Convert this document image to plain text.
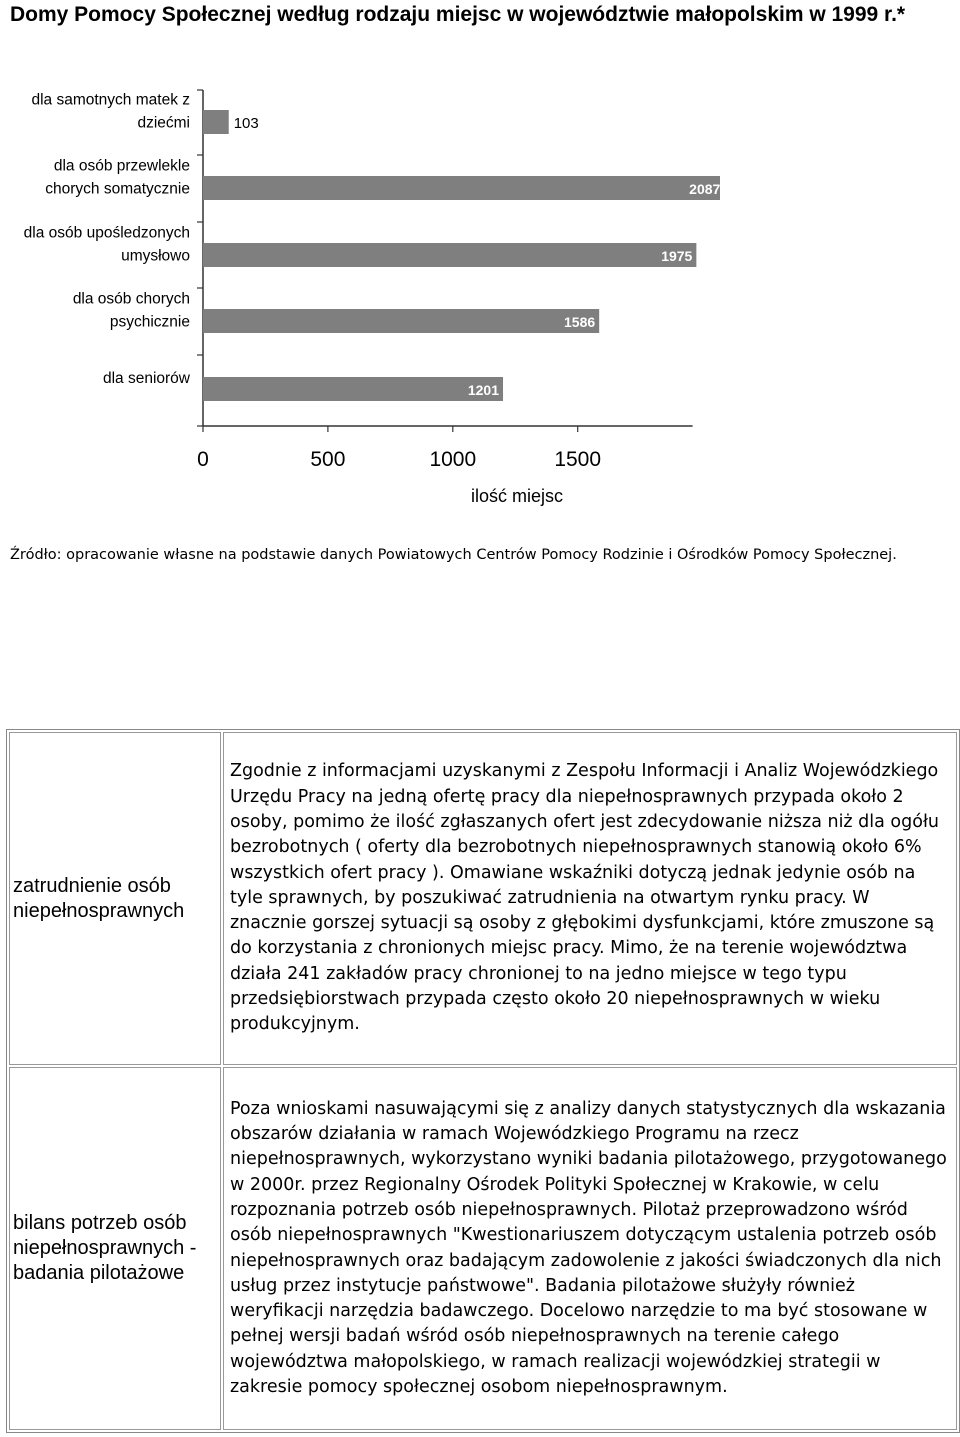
Domy Pomocy Społecznej według rodzaju miejsc w województwie małopolskim w 1999 r.*
0	500	1000	1500
ilość miejsc
103
dla samotnych matek z
dziećmi
2087
dla osób przewlekle
chorych somatycznie
1975
dla osób upośledzonych
umysłowo
1586
dla osób chorych
psychicznie
1201
dla seniorów
Źródło: opracowanie własne na podstawie danych Powiatowych Centrów Pomocy Rodzinie i Ośrodków Pomocy Społecznej.
zatrudnienie osób niepełnosprawnych	Zgodnie z informacjami uzyskanymi z Zespołu Informacji i Analiz Wojewódzkiego Urzędu Pracy na jedną ofertę pracy dla niepełnosprawnych przypada około 2 osoby, pomimo że ilość zgłaszanych ofert jest zdecydowanie niższa niż dla ogółu bezrobotnych ( oferty dla bezrobotnych niepełnosprawnych stanowią około 6% wszystkich ofert pracy ). Omawiane wskaźniki dotyczą jednak jedynie osób na tyle sprawnych, by poszukiwać zatrudnienia na otwartym rynku pracy. W znacznie gorszej sytuacji są osoby z głębokimi dysfunkcjami, które zmuszone są do korzystania z chronionych miejsc pracy. Mimo, że na terenie województwa działa 241 zakładów pracy chronionej to na jedno miejsce w tego typu przedsiębiorstwach przypada często około 20 niepełnosprawnych w wieku produkcyjnym.
bilans potrzeb osób niepełnosprawnych - badania pilotażowe	Poza wnioskami nasuwającymi się z analizy danych statystycznych dla wskazania obszarów działania w ramach Wojewódzkiego Programu na rzecz niepełnosprawnych, wykorzystano wyniki badania pilotażowego, przygotowanego w 2000r. przez Regionalny Ośrodek Polityki Społecznej w Krakowie, w celu rozpoznania potrzeb osób niepełnosprawnych. Pilotaż przeprowadzono wśród osób niepełnosprawnych "Kwestionariuszem dotyczącym ustalenia potrzeb osób niepełnosprawnych oraz badającym zadowolenie z jakości świadczonych dla nich usług przez instytucje państwowe". Badania pilotażowe służyły również weryfikacji narzędzia badawczego. Docelowo narzędzie to ma być stosowane w pełnej wersji badań wśród osób niepełnosprawnych na terenie całego województwa małopolskiego, w ramach realizacji wojewódzkiej strategii w zakresie pomocy społecznej osobom niepełnosprawnym.
